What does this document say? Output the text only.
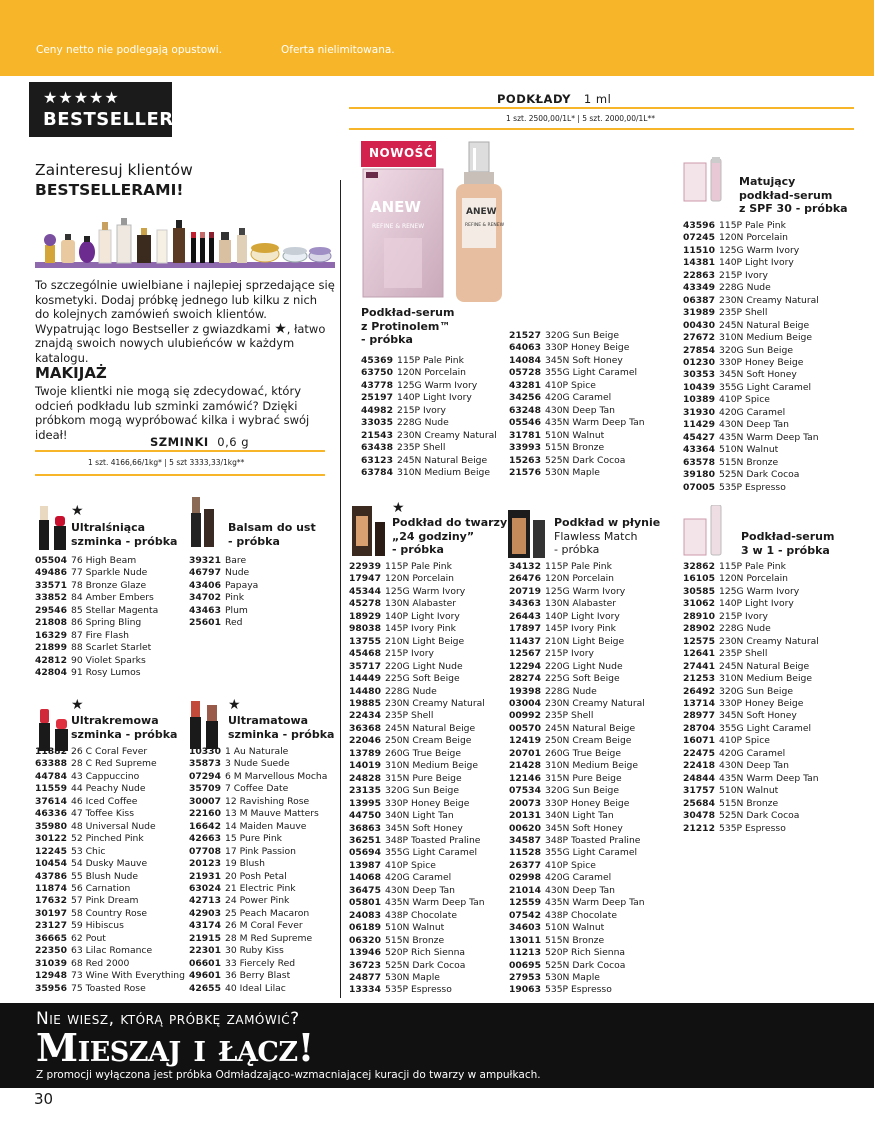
Ceny netto nie podlegają opustowi.	Oferta nielimitowana.
★★★★★
BESTSELLER
Zainteresuj klientów
BESTSELLERAMI!
To szczególnie uwielbiane i najlepiej sprzedające się kosmetyki. Dodaj próbkę jednego lub kilku z nich do kolejnych zamówień swoich klientów. Wypatrując logo Bestseller z gwiazdkami ★, łatwo znajdą swoich nowych ulubieńców w każdym katalogu.
MAKIJAŻ
Twoje klientki nie mogą się zdecydować, który odcień podkładu lub szminki zamówić? Dzięki próbkom mogą wypróbować kilka i wybrać swój ideał!
SZMINKI 0,6 g
1 szt. 4166,66/1kg* | 5 szt 3333,33/1kg**
★
Ultralśniąca
szminka - próbka
Balsam do ust
- próbka
★
Ultrakremowa
szminka - próbka
★
Ultramatowa
szminka - próbka
05504 76 High Beam
49486 77 Sparkle Nude
33571 78 Bronze Glaze
33852 84 Amber Embers
29546 85 Stellar Magenta
21808 86 Spring Bling
16329 87 Fire Flash
21899 88 Scarlet Starlet
42812 90 Violet Sparks
42804 91 Rosy Lumos
39321 Bare
46797 Nude
43406 Papaya
34702 Pink
43463 Plum
25601 Red
11882 26 C Coral Fever
63388 28 C Red Supreme
44784 43 Cappuccino
11559 44 Peachy Nude
37614 46 Iced Coffee
46336 47 Toffee Kiss
35980 48 Universal Nude
30122 52 Pinched Pink
12245 53 Chic
10454 54 Dusky Mauve
43786 55 Blush Nude
11874 56 Carnation
17632 57 Pink Dream
30197 58 Country Rose
23127 59 Hibiscus
36665 62 Pout
22350 63 Lilac Romance
31039 68 Red 2000
12948 73 Wine With Everything
35956 75 Toasted Rose
10330 1 Au Naturale
35873 3 Nude Suede
07294 6 M Marvellous Mocha
35709 7 Coffee Date
30007 12 Ravishing Rose
22160 13 M Mauve Matters
16642 14 Maiden Mauve
42663 15 Pure Pink
07708 17 Pink Passion
20123 19 Blush
21931 20 Posh Petal
63024 21 Electric Pink
42713 24 Power Pink
42903 25 Peach Macaron
43174 26 M Coral Fever
21915 28 M Red Supreme
22301 30 Ruby Kiss
06601 33 Fiercely Red
49601 36 Berry Blast
42655 40 Ideal Lilac
PODKŁADY 1 ml
1 szt. 2500,00/1L* | 5 szt. 2000,00/1L**
ANEW
REFINE & RENEW
NOWOŚĆ
ANEW
REFINE & RENEW
Matujący
podkład-serum
z SPF 30 - próbka
Podkład-serum
z Protinolem™
- próbka
45369 115P Pale Pink
63750 120N Porcelain
43778 125G Warm Ivory
25197 140P Light Ivory
44982 215P Ivory
33035 228G Nude
21543 230N Creamy Natural
63438 235P Shell
63123 245N Natural Beige
63784 310N Medium Beige
21527 320G Sun Beige
64063 330P Honey Beige
14084 345N Soft Honey
05728 355G Light Caramel
43281 410P Spice
34256 420G Caramel
63248 430N Deep Tan
05546 435N Warm Deep Tan
31781 510N Walnut
33993 515N Bronze
15263 525N Dark Cocoa
21576 530N Maple
43596 115P Pale Pink
07245 120N Porcelain
11510 125G Warm Ivory
14381 140P Light Ivory
22863 215P Ivory
43349 228G Nude
06387 230N Creamy Natural
31989 235P Shell
00430 245N Natural Beige
27672 310N Medium Beige
27854 320G Sun Beige
01230 330P Honey Beige
30353 345N Soft Honey
10439 355G Light Caramel
10389 410P Spice
31930 420G Caramel
11429 430N Deep Tan
45427 435N Warm Deep Tan
43364 510N Walnut
63578 515N Bronze
39180 525N Dark Cocoa
07005 535P Espresso
★
Podkład do twarzy
„24 godziny”
- próbka
22939 115P Pale Pink
17947 120N Porcelain
45344 125G Warm Ivory
45278 130N Alabaster
18929 140P Light Ivory
98038 145P Ivory Pink
13755 210N Light Beige
45468 215P Ivory
35717 220G Light Nude
14449 225G Soft Beige
14480 228G Nude
19885 230N Creamy Natural
22434 235P Shell
36368 245N Natural Beige
22046 250N Cream Beige
13789 260G True Beige
14019 310N Medium Beige
24828 315N Pure Beige
23135 320G Sun Beige
13995 330P Honey Beige
44750 340N Light Tan
36863 345N Soft Honey
36251 348P Toasted Praline
05694 355G Light Caramel
13987 410P Spice
14068 420G Caramel
36475 430N Deep Tan
05801 435N Warm Deep Tan
24083 438P Chocolate
06189 510N Walnut
06320 515N Bronze
13946 520P Rich Sienna
36723 525N Dark Cocoa
24877 530N Maple
13334 535P Espresso
Podkład w płynie
Flawless Match
- próbka
34132 115P Pale Pink
26476 120N Porcelain
20719 125G Warm Ivory
34363 130N Alabaster
26443 140P Light Ivory
17897 145P Ivory Pink
11437 210N Light Beige
12567 215P Ivory
12294 220G Light Nude
28274 225G Soft Beige
19398 228G Nude
03004 230N Creamy Natural
00992 235P Shell
00570 245N Natural Beige
12419 250N Cream Beige
20701 260G True Beige
21428 310N Medium Beige
12146 315N Pure Beige
07534 320G Sun Beige
20073 330P Honey Beige
20131 340N Light Tan
00620 345N Soft Honey
34587 348P Toasted Praline
11528 355G Light Caramel
26377 410P Spice
02998 420G Caramel
21014 430N Deep Tan
12559 435N Warm Deep Tan
07542 438P Chocolate
34603 510N Walnut
13011 515N Bronze
11213 520P Rich Sienna
00695 525N Dark Cocoa
27953 530N Maple
19063 535P Espresso
Podkład-serum
3 w 1 - próbka
32862 115P Pale Pink
16105 120N Porcelain
30585 125G Warm Ivory
31062 140P Light Ivory
28910 215P Ivory
28902 228G Nude
12575 230N Creamy Natural
12641 235P Shell
27441 245N Natural Beige
21253 310N Medium Beige
26492 320G Sun Beige
13714 330P Honey Beige
28977 345N Soft Honey
28704 355G Light Caramel
16071 410P Spice
22475 420G Caramel
22418 430N Deep Tan
24844 435N Warm Deep Tan
31757 510N Walnut
25684 515N Bronze
30478 525N Dark Cocoa
21212 535P Espresso
Nie wiesz, którą próbkę zamówić?
Mieszaj i łącz!
Z promocji wyłączona jest próbka Odmładzająco-wzmacniającej kuracji do twarzy w ampułkach.
30
